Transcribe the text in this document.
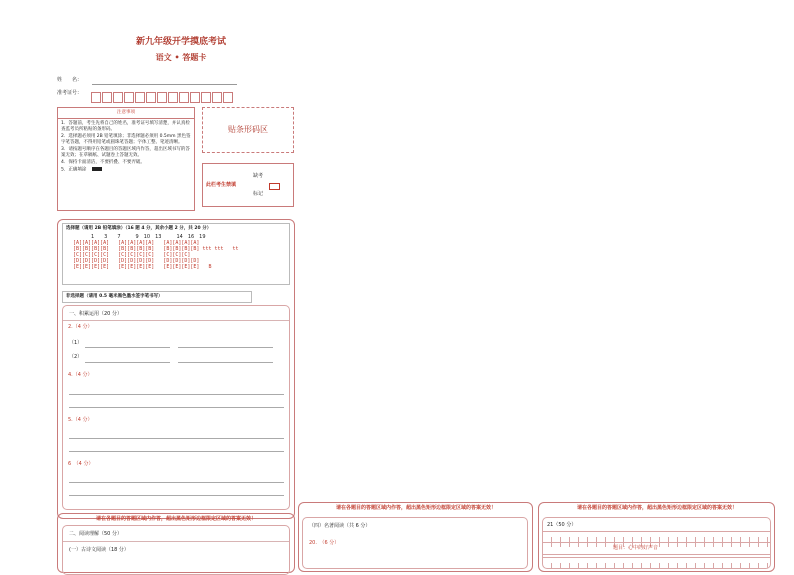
新九年级开学摸底考试
语文 • 答题卡
姓　　名：
准考证号：
注意事项
1．答题前，考生先将自己的姓名，准考证号填写清楚，并认真检查监考员所粘贴的条形码。
2．选择题必须用 2B 铅笔填涂；非选择题必须用 0.5mm 黑色签字笔答题，不得用铅笔或圆珠笔答题；字体工整、笔迹清晰。
3．请按题号顺序在各题目的答题区域内作答，超出区域书写的答案无效；在草稿纸、试题卷上答题无效。
4．保持卡面清洁，不要折叠、不要弄破。
5．正确填涂
贴条形码区
缺考
此栏考生禁填
标记
选择题（请用 2B 铅笔填涂）（16 题 4 分，其余小题 2 分，共 20 分）
1　　3　　7　　　9　10　13　　　14　16　19
[A][A][A][A]   [A][A][A][A]   [A][A][A][A]
[B][B][B][B]   [B][B][B][B]   [B][B][B][B] ttt ttt   tt
[C][C][C][C]   [C][C][C][C]   [C][C][C]
[D][D][D][D]   [D][D][D][D]   [D][D][D][D]
[E][E][E][E]   [E][E][E][E]   [E][E][E][E]   B
非选择题（请用 0.5 毫米黑色墨水签字笔书写）
一、积累运用（20 分）
2.（4 分）
（1）
（2）
4.（4 分）
5.（4 分）
6　（4 分）
请在各题目的答题区域内作答，超出黑色矩形边框限定区域的答案无效！
二、阅读理解（50 分）
(一）古诗文阅读（18 分）
请在各题目的答题区域内作答，超出黑色矩形边框限定区域的答案无效！
（四）名著阅读（共 6 分）
20.　（6 分）
请在各题目的答题区域内作答，超出黑色矩形边框限定区域的答案无效！
21（50 分）
题目：心中的好声音
